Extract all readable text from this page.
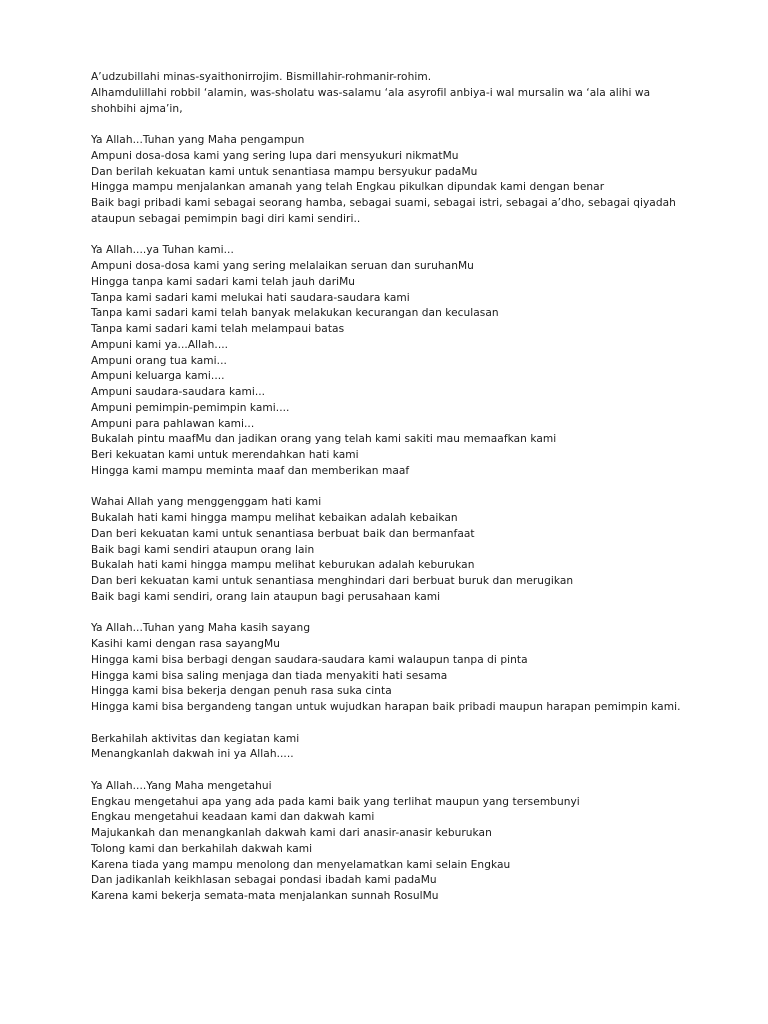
A’udzubillahi minas-syaithonirrojim. Bismillahir-rohmanir-rohim.
Alhamdulillahi robbil ‘alamin, was-sholatu was-salamu ‘ala asyrofil anbiya-i wal mursalin wa ‘ala alihi wa shohbihi ajma’in,
Ya Allah...Tuhan yang Maha pengampun
Ampuni dosa-dosa kami yang sering lupa dari mensyukuri nikmatMu
Dan berilah kekuatan kami untuk senantiasa mampu bersyukur padaMu
Hingga mampu menjalankan amanah yang telah Engkau pikulkan dipundak kami dengan benar
Baik bagi pribadi kami sebagai seorang hamba, sebagai suami, sebagai istri, sebagai a’dho, sebagai qiyadah ataupun sebagai pemimpin bagi diri kami sendiri..
Ya Allah....ya Tuhan kami...
Ampuni dosa-dosa kami yang sering melalaikan seruan dan suruhanMu
Hingga tanpa kami sadari kami telah jauh dariMu
Tanpa kami sadari kami melukai hati saudara-saudara kami
Tanpa kami sadari kami telah banyak melakukan kecurangan dan keculasan
Tanpa kami sadari kami telah melampaui batas
Ampuni kami ya...Allah....
Ampuni orang tua kami...
Ampuni keluarga kami....
Ampuni saudara-saudara kami...
Ampuni pemimpin-pemimpin kami....
Ampuni para pahlawan kami...
Bukalah pintu maafMu dan jadikan orang yang telah kami sakiti mau memaafkan kami
Beri kekuatan kami untuk merendahkan hati kami
Hingga kami mampu meminta maaf dan memberikan maaf
Wahai Allah yang menggenggam hati kami
Bukalah hati kami hingga mampu melihat kebaikan adalah kebaikan
Dan beri kekuatan kami untuk senantiasa berbuat baik dan bermanfaat
Baik bagi kami sendiri ataupun orang lain
Bukalah hati kami hingga mampu melihat keburukan adalah keburukan
Dan beri kekuatan kami untuk senantiasa menghindari dari berbuat buruk dan merugikan
Baik bagi kami sendiri, orang lain ataupun bagi perusahaan kami
Ya Allah...Tuhan yang Maha kasih sayang
Kasihi kami dengan rasa sayangMu
Hingga kami bisa berbagi dengan saudara-saudara kami walaupun tanpa di pinta
Hingga kami bisa saling menjaga dan tiada menyakiti hati sesama
Hingga kami bisa bekerja dengan penuh rasa suka cinta
Hingga kami bisa bergandeng tangan untuk wujudkan harapan baik pribadi maupun harapan pemimpin kami.
Berkahilah aktivitas dan kegiatan kami
Menangkanlah dakwah ini ya Allah.....
Ya Allah....Yang Maha mengetahui
Engkau mengetahui apa yang ada pada kami baik yang terlihat maupun yang tersembunyi
Engkau mengetahui keadaan kami dan dakwah kami
Majukankah dan menangkanlah dakwah kami dari anasir-anasir keburukan
Tolong kami dan berkahilah dakwah kami
Karena tiada yang mampu menolong dan menyelamatkan kami selain Engkau
Dan jadikanlah keikhlasan sebagai pondasi ibadah kami padaMu
Karena kami bekerja semata-mata menjalankan sunnah RosulMu
